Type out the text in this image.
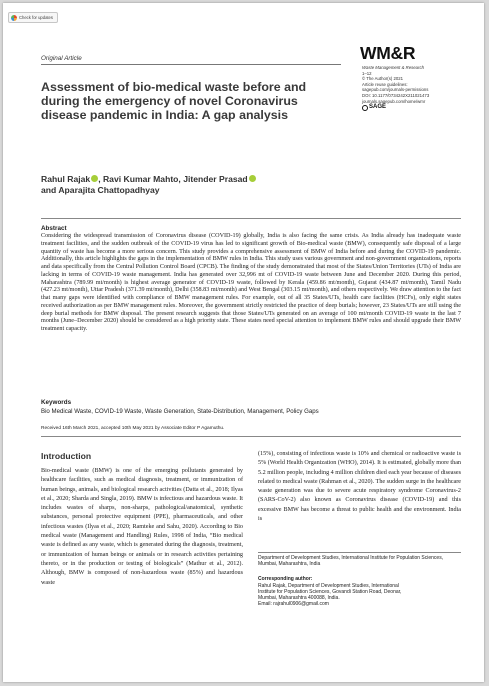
Check for updates
Original Article	WM&R
Waste Management & Research
1–12
© The Author(s) 2021
Article reuse guidelines:
sagepub.com/journals-permissions
DOI: 10.1177/0734242X211021473
journals.sagepub.com/home/wmr
SAGE
Assessment of bio-medical waste before and during the emergency of novel Coronavirus disease pandemic in India: A gap analysis
Rahul Rajak , Ravi Kumar Mahto, Jitender Prasad
and Aparajita Chattopadhyay
Abstract
Considering the widespread transmission of Coronavirus disease (COVID-19) globally, India is also facing the same crisis. As India already has inadequate waste treatment facilities, and the sudden outbreak of the COVID-19 virus has led to significant growth of Bio-medical waste (BMW), consequently safe disposal of a large quantity of waste has become a more serious concern. This study provides a comprehensive assessment of BMW of India before and during the COVID-19 pandemic. Additionally, this article highlights the gaps in the implementation of BMW rules in India. This study uses various government and non-government organizations, reports and data specifically from the Central Pollution Control Board (CPCB). The finding of the study demonstrated that most of the States/Union Territories (UTs) of India are lacking in terms of COVID-19 waste management. India has generated over 32,996 mt of COVID-19 waste between June and December 2020. During this period, Maharashtra (789.99 mt/month) is highest average generator of COVID-19 waste, followed by Kerala (459.86 mt/month), Gujarat (434.87 mt/month), Tamil Nadu (427.23 mt/month), Uttar Pradesh (371.39 mt/month), Delhi (358.83 mt/month) and West Bengal (303.15 mt/month), and others respectively. We draw attention to the fact that many gaps were identified with compliance of BMW management rules. For example, out of all 35 States/UTs, health care facilities (HCFs), only eight states received authorization as per BMW management rules. Moreover, the government strictly restricted the practice of deep burials; however, 23 States/UTs are still using the deep burial methods for BMW disposal. The present research suggests that those States/UTs generated on an average of 100 mt/month COVID-19 waste in the last 7 months (June–December 2020) should be considered as a high priority state. These states need special attention to implement BMW rules and should upgrade their BMW treatment capacity.
Keywords
Bio Medical Waste, COVID-19 Waste, Waste Generation, State-Distribution, Management, Policy Gaps
Received 16th March 2021, accepted 10th May 2021 by Associate Editor P Agamuthu.
Introduction
Bio-medical waste (BMW) is one of the emerging pollutants generated by healthcare facilities, such as medical diagnosis, treatment, or immunization of human beings, animals, and biological research activities (Datta et al., 2018; Ilyas et al., 2020; Sharda and Singla, 2019). BMW is infectious and hazardous waste. It includes wastes of sharps, non-sharps, pathological/anatomical, synthetic substances, personal protective equipment (PPE), pharmaceuticals, and other infectious wastes (Ilyas et al., 2020; Ramteke and Sahu, 2020). According to Bio medical waste (Management and Handling) Rules, 1998 of India, “Bio medical waste is defined as any waste, which is generated during the diagnosis, treatment, or immunization of human beings or animals or in research activities pertaining thereto, or in the production or testing of biologicals” (Mathur et al., 2012). Although, BMW is composed of non-hazardous waste (85%) and hazardous waste
(15%), consisting of infectious waste is 10% and chemical or radioactive waste is 5% (World Health Organization (WHO), 2014). It is estimated, globally more than 5.2 million people, including 4 million children died each year because of diseases related to medical waste (Rahman et al., 2020). The sudden surge in the healthcare waste generation was due to severe acute respiratory syndrome Coronavirus-2 (SARS-CoV-2) also known as Coronavirus disease (COVID-19) and this excessive BMW has become a threat to public health and the environment. India is
Department of Development Studies, International Institute for Population Sciences, Mumbai, Maharashtra, India
Corresponding author:
Rahul Rajak, Department of Development Studies, International
Institute for Population Sciences, Govandi Station Road, Deonar,
Mumbai, Maharashtra 400088, India.
Email: rajrahul0906@gmail.com
